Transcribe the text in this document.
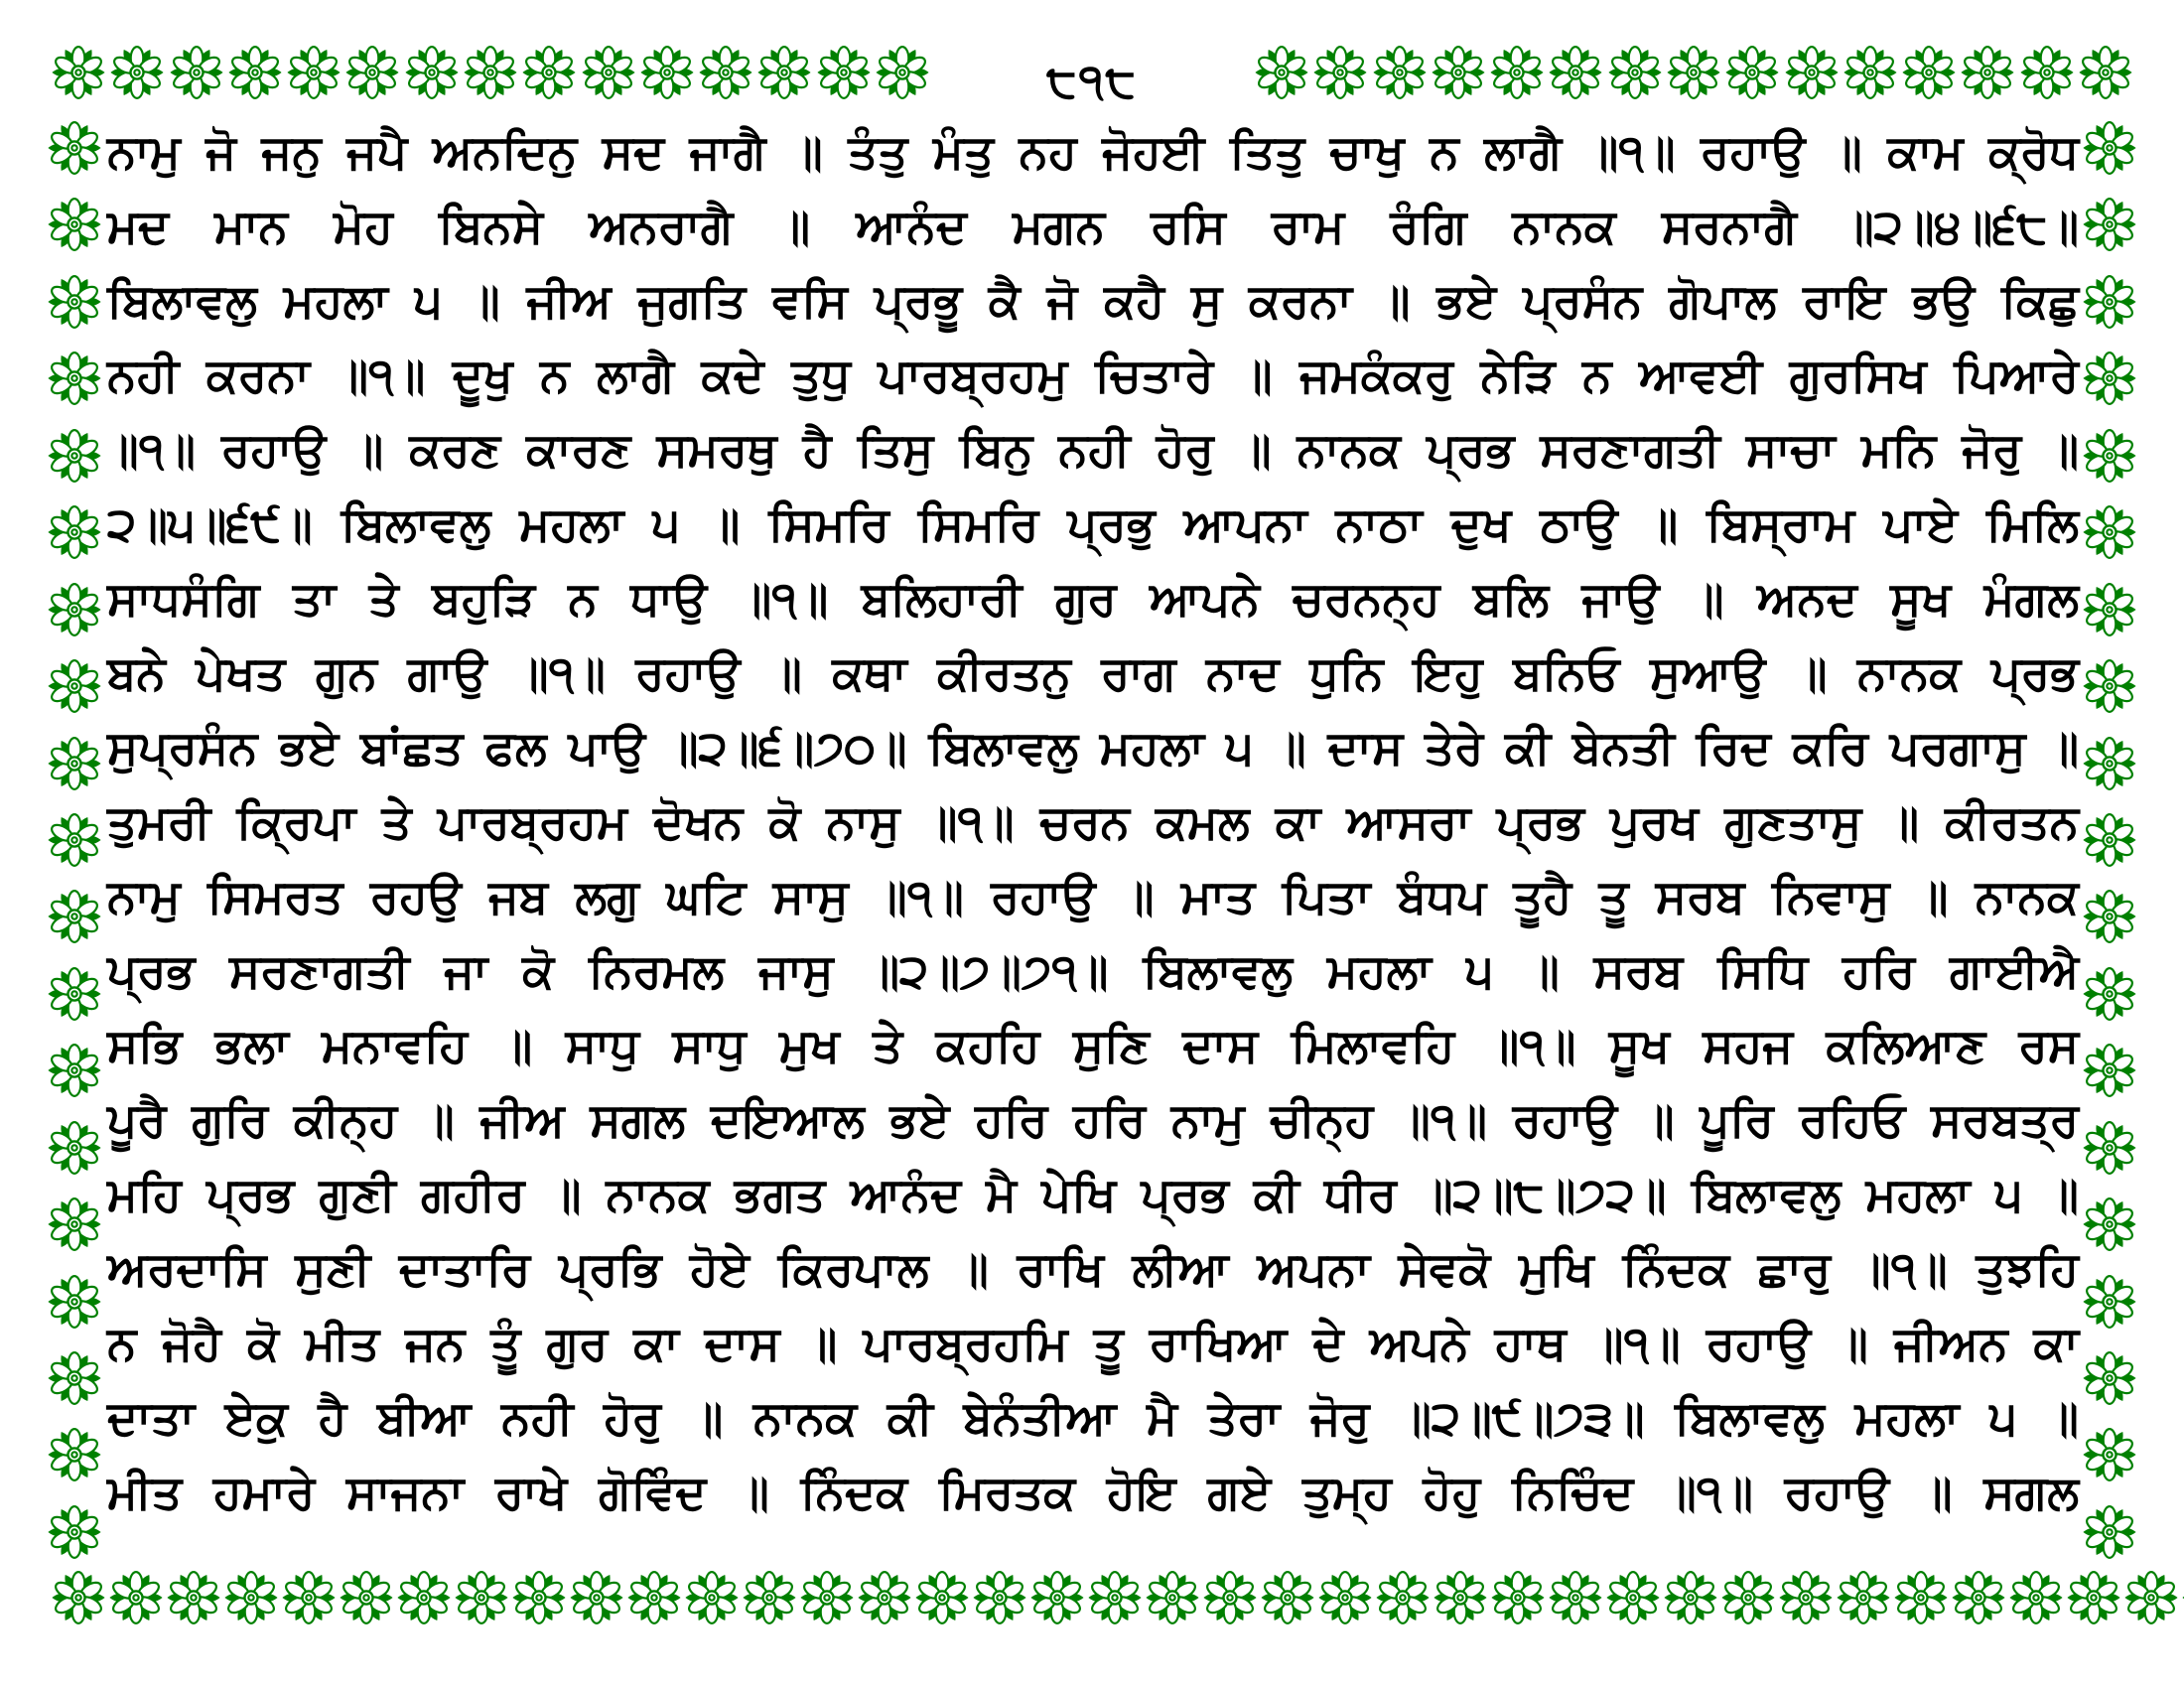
੮੧੮
ਨਾਮੁ ਜੋ ਜਨੁ ਜਪੈ ਅਨਦਿਨੁ ਸਦ ਜਾਗੈ ॥ ਤੰਤੁ ਮੰਤੁ ਨਹ ਜੋਹਈ ਤਿਤੁ ਚਾਖੁ ਨ ਲਾਗੈ ॥੧॥ ਰਹਾਉ ॥ ਕਾਮ ਕ੍ਰੋਧ
ਮਦ ਮਾਨ ਮੋਹ ਬਿਨਸੇ ਅਨਰਾਗੈ ॥ ਆਨੰਦ ਮਗਨ ਰਸਿ ਰਾਮ ਰੰਗਿ ਨਾਨਕ ਸਰਨਾਗੈ ॥੨॥੪॥੬੮॥
ਬਿਲਾਵਲੁ ਮਹਲਾ ੫ ॥ ਜੀਅ ਜੁਗਤਿ ਵਸਿ ਪ੍ਰਭੂ ਕੈ ਜੋ ਕਹੈ ਸੁ ਕਰਨਾ ॥ ਭਏ ਪ੍ਰਸੰਨ ਗੋਪਾਲ ਰਾਇ ਭਉ ਕਿਛੁ
ਨਹੀ ਕਰਨਾ ॥੧॥ ਦੂਖੁ ਨ ਲਾਗੈ ਕਦੇ ਤੁਧੁ ਪਾਰਬ੍ਰਹਮੁ ਚਿਤਾਰੇ ॥ ਜਮਕੰਕਰੁ ਨੇੜਿ ਨ ਆਵਈ ਗੁਰਸਿਖ ਪਿਆਰੇ
॥੧॥ ਰਹਾਉ ॥ ਕਰਣ ਕਾਰਣ ਸਮਰਥੁ ਹੈ ਤਿਸੁ ਬਿਨੁ ਨਹੀ ਹੋਰੁ ॥ ਨਾਨਕ ਪ੍ਰਭ ਸਰਣਾਗਤੀ ਸਾਚਾ ਮਨਿ ਜੋਰੁ ॥
੨॥੫॥੬੯॥ ਬਿਲਾਵਲੁ ਮਹਲਾ ੫ ॥ ਸਿਮਰਿ ਸਿਮਰਿ ਪ੍ਰਭੁ ਆਪਨਾ ਨਾਠਾ ਦੁਖ ਠਾਉ ॥ ਬਿਸ੍ਰਾਮ ਪਾਏ ਮਿਲਿ
ਸਾਧਸੰਗਿ ਤਾ ਤੇ ਬਹੁੜਿ ਨ ਧਾਉ ॥੧॥ ਬਲਿਹਾਰੀ ਗੁਰ ਆਪਨੇ ਚਰਨਨ੍ਹ ਬਲਿ ਜਾਉ ॥ ਅਨਦ ਸੂਖ ਮੰਗਲ
ਬਨੇ ਪੇਖਤ ਗੁਨ ਗਾਉ ॥੧॥ ਰਹਾਉ ॥ ਕਥਾ ਕੀਰਤਨੁ ਰਾਗ ਨਾਦ ਧੁਨਿ ਇਹੁ ਬਨਿਓ ਸੁਆਉ ॥ ਨਾਨਕ ਪ੍ਰਭ
ਸੁਪ੍ਰਸੰਨ ਭਏ ਬਾਂਛਤ ਫਲ ਪਾਉ ॥੨॥੬॥੭੦॥ ਬਿਲਾਵਲੁ ਮਹਲਾ ੫ ॥ ਦਾਸ ਤੇਰੇ ਕੀ ਬੇਨਤੀ ਰਿਦ ਕਰਿ ਪਰਗਾਸੁ ॥
ਤੁਮਰੀ ਕ੍ਰਿਪਾ ਤੇ ਪਾਰਬ੍ਰਹਮ ਦੋਖਨ ਕੋ ਨਾਸੁ ॥੧॥ ਚਰਨ ਕਮਲ ਕਾ ਆਸਰਾ ਪ੍ਰਭ ਪੁਰਖ ਗੁਣਤਾਸੁ ॥ ਕੀਰਤਨ
ਨਾਮੁ ਸਿਮਰਤ ਰਹਉ ਜਬ ਲਗੁ ਘਟਿ ਸਾਸੁ ॥੧॥ ਰਹਾਉ ॥ ਮਾਤ ਪਿਤਾ ਬੰਧਪ ਤੂਹੈ ਤੂ ਸਰਬ ਨਿਵਾਸੁ ॥ ਨਾਨਕ
ਪ੍ਰਭ ਸਰਣਾਗਤੀ ਜਾ ਕੋ ਨਿਰਮਲ ਜਾਸੁ ॥੨॥੭॥੭੧॥ ਬਿਲਾਵਲੁ ਮਹਲਾ ੫ ॥ ਸਰਬ ਸਿਧਿ ਹਰਿ ਗਾਈਐ
ਸਭਿ ਭਲਾ ਮਨਾਵਹਿ ॥ ਸਾਧੁ ਸਾਧੁ ਮੁਖ ਤੇ ਕਹਹਿ ਸੁਣਿ ਦਾਸ ਮਿਲਾਵਹਿ ॥੧॥ ਸੂਖ ਸਹਜ ਕਲਿਆਣ ਰਸ
ਪੂਰੈ ਗੁਰਿ ਕੀਨ੍ਹ ॥ ਜੀਅ ਸਗਲ ਦਇਆਲ ਭਏ ਹਰਿ ਹਰਿ ਨਾਮੁ ਚੀਨ੍ਹ ॥੧॥ ਰਹਾਉ ॥ ਪੂਰਿ ਰਹਿਓ ਸਰਬਤ੍ਰ
ਮਹਿ ਪ੍ਰਭ ਗੁਣੀ ਗਹੀਰ ॥ ਨਾਨਕ ਭਗਤ ਆਨੰਦ ਮੈ ਪੇਖਿ ਪ੍ਰਭ ਕੀ ਧੀਰ ॥੨॥੮॥੭੨॥ ਬਿਲਾਵਲੁ ਮਹਲਾ ੫ ॥
ਅਰਦਾਸਿ ਸੁਣੀ ਦਾਤਾਰਿ ਪ੍ਰਭਿ ਹੋਏ ਕਿਰਪਾਲ ॥ ਰਾਖਿ ਲੀਆ ਅਪਨਾ ਸੇਵਕੋ ਮੁਖਿ ਨਿੰਦਕ ਛਾਰੁ ॥੧॥ ਤੁਝਹਿ
ਨ ਜੋਹੈ ਕੋ ਮੀਤ ਜਨ ਤੂੰ ਗੁਰ ਕਾ ਦਾਸ ॥ ਪਾਰਬ੍ਰਹਮਿ ਤੂ ਰਾਖਿਆ ਦੇ ਅਪਨੇ ਹਾਥ ॥੧॥ ਰਹਾਉ ॥ ਜੀਅਨ ਕਾ
ਦਾਤਾ ਏਕੁ ਹੈ ਬੀਆ ਨਹੀ ਹੋਰੁ ॥ ਨਾਨਕ ਕੀ ਬੇਨੰਤੀਆ ਮੈ ਤੇਰਾ ਜੋਰੁ ॥੨॥੯॥੭੩॥ ਬਿਲਾਵਲੁ ਮਹਲਾ ੫ ॥
ਮੀਤ ਹਮਾਰੇ ਸਾਜਨਾ ਰਾਖੇ ਗੋਵਿੰਦ ॥ ਨਿੰਦਕ ਮਿਰਤਕ ਹੋਇ ਗਏ ਤੁਮ੍ਹ ਹੋਹੁ ਨਿਚਿੰਦ ॥੧॥ ਰਹਾਉ ॥ ਸਗਲ
